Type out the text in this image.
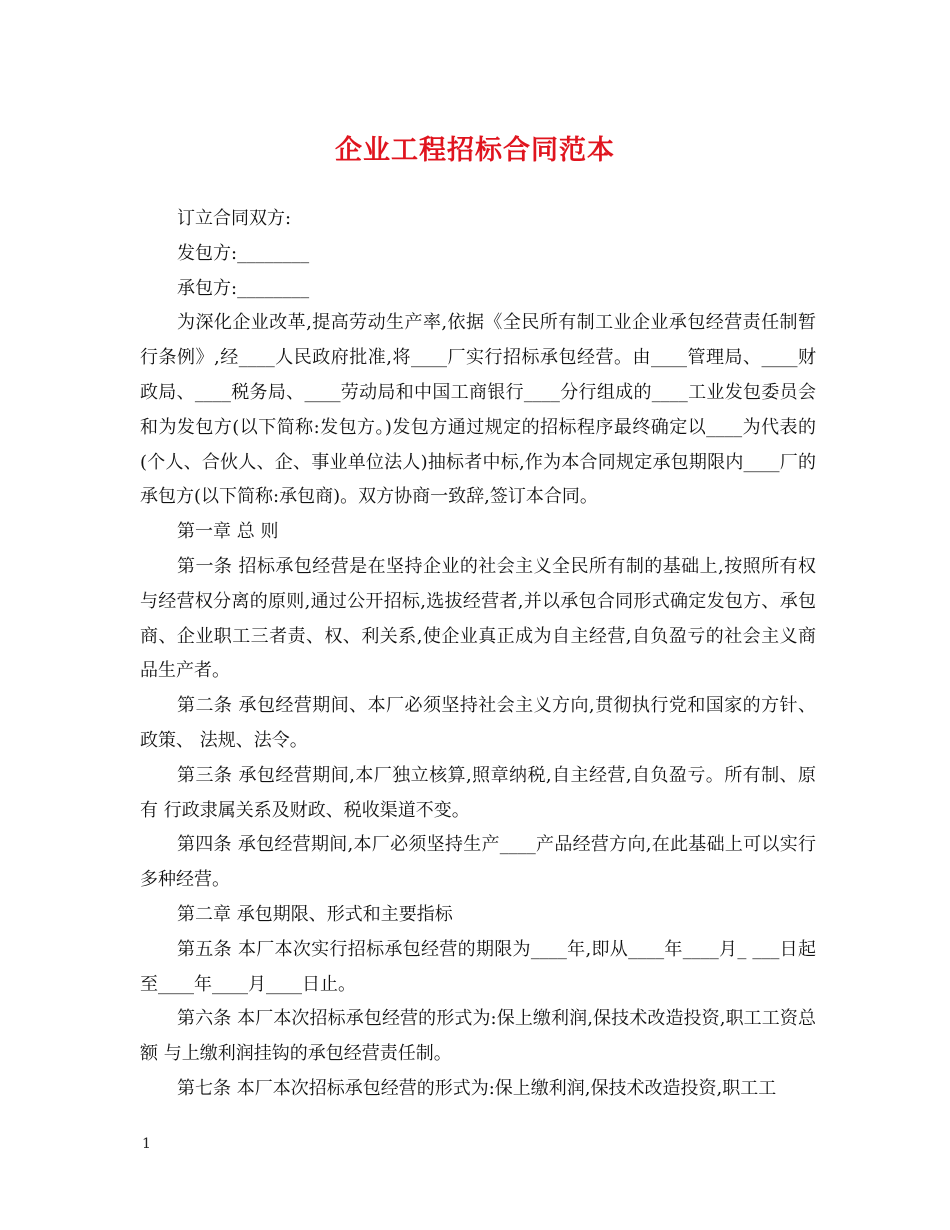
企业工程招标合同范本

订立合同双方:

发包方:________

承包方:________

为深化企业改革,提高劳动生产率,依据《全民所有制工业企业承包经营责任制暂行条例》,经____人民政府批准,将____厂实行招标承包经营。由____管理局、____财政局、____税务局、____劳动局和中国工商银行____分行组成的____工业发包委员会和为发包方(以下简称:发包方。)发包方通过规定的招标程序最终确定以____为代表的(个人、合伙人、企、事业单位法人)抽标者中标,作为本合同规定承包期限内____厂的承包方(以下简称:承包商)。双方协商一致辞,签订本合同。

第一章 总 则

第一条 招标承包经营是在坚持企业的社会主义全民所有制的基础上,按照所有权与经营权分离的原则,通过公开招标,选拔经营者,并以承包合同形式确定发包方、承包商、企业职工三者责、权、利关系,使企业真正成为自主经营,自负盈亏的社会主义商品生产者。

第二条 承包经营期间、本厂必须坚持社会主义方向,贯彻执行党和国家的方针、政策、 法规、法令。

第三条 承包经营期间,本厂独立核算,照章纳税,自主经营,自负盈亏。所有制、原有 行政隶属关系及财政、税收渠道不变。

第四条 承包经营期间,本厂必须坚持生产____产品经营方向,在此基础上可以实行 多种经营。

第二章 承包期限、形式和主要指标

第五条 本厂本次实行招标承包经营的期限为____年,即从____年____月_ ___日起至____年____月____日止。

第六条 本厂本次招标承包经营的形式为:保上缴利润,保技术改造投资,职工工资总额 与上缴利润挂钩的承包经营责任制。

第七条 本厂本次招标承包经营的形式为:保上缴利润,保技术改造投资,职工工

1
